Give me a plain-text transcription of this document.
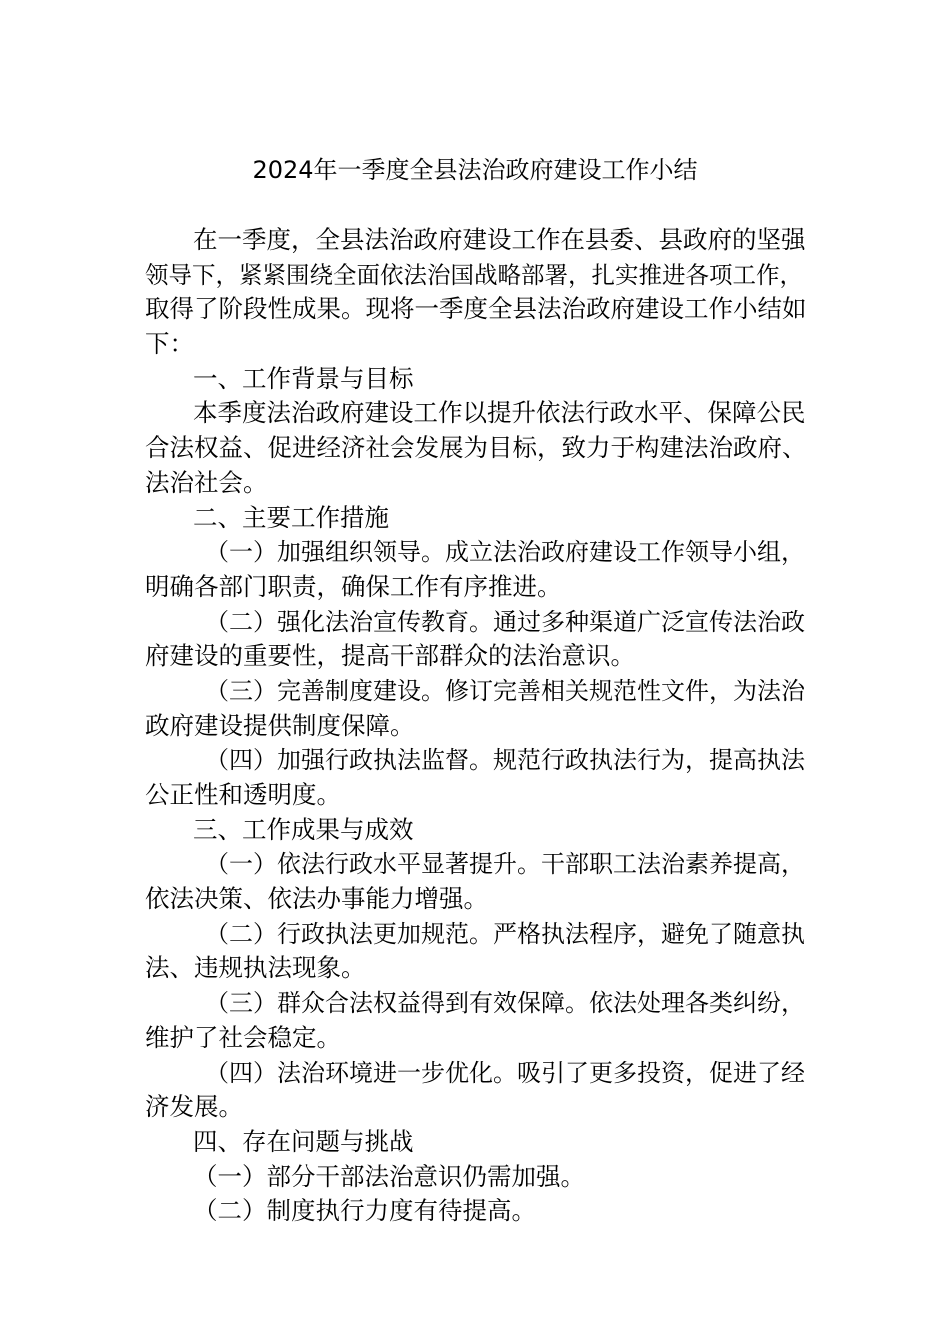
2024年一季度全县法治政府建设工作小结
在一季度，全县法治政府建设工作在县委、县政府的坚强
领导下，紧紧围绕全面依法治国战略部署，扎实推进各项工作，
取得了阶段性成果。现将一季度全县法治政府建设工作小结如
下：
一、工作背景与目标
本季度法治政府建设工作以提升依法行政水平、保障公民
合法权益、促进经济社会发展为目标，致力于构建法治政府、
法治社会。
二、主要工作措施
（一）加强组织领导。成立法治政府建设工作领导小组，
明确各部门职责，确保工作有序推进。
（二）强化法治宣传教育。通过多种渠道广泛宣传法治政
府建设的重要性，提高干部群众的法治意识。
（三）完善制度建设。修订完善相关规范性文件，为法治
政府建设提供制度保障。
（四）加强行政执法监督。规范行政执法行为，提高执法
公正性和透明度。
三、工作成果与成效
（一）依法行政水平显著提升。干部职工法治素养提高，
依法决策、依法办事能力增强。
（二）行政执法更加规范。严格执法程序，避免了随意执
法、违规执法现象。
（三）群众合法权益得到有效保障。依法处理各类纠纷，
维护了社会稳定。
（四）法治环境进一步优化。吸引了更多投资，促进了经
济发展。
四、存在问题与挑战
（一）部分干部法治意识仍需加强。
（二）制度执行力度有待提高。
